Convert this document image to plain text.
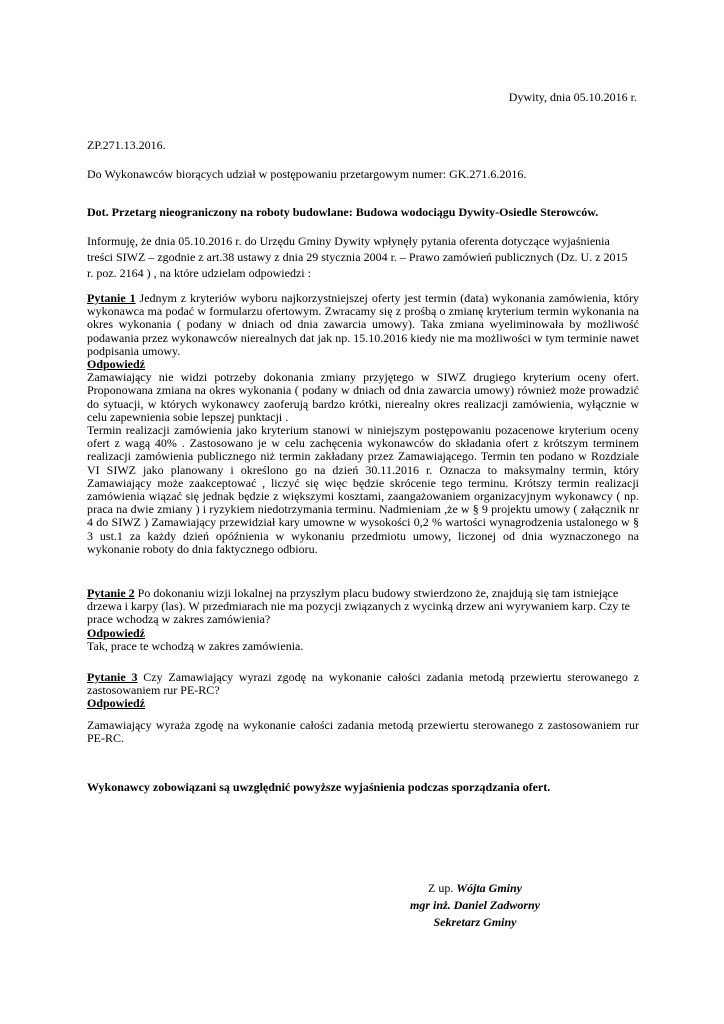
Dywity, dnia 05.10.2016 r.

ZP.271.13.2016.

Do Wykonawców biorących udział w postępowaniu przetargowym numer: GK.271.6.2016.

Dot. Przetarg nieograniczony na roboty budowlane: Budowa wodociągu Dywity-Osiedle Sterowców.

Informuję, że dnia 05.10.2016 r. do Urzędu Gminy Dywity wpłynęły pytania oferenta dotyczące wyjaśnienia
treści SIWZ – zgodnie z art.38 ustawy z dnia 29 stycznia 2004 r. – Prawo zamówień publicznych (Dz. U. z 2015
r. poz. 2164 ) , na które udzielam odpowiedzi :
Pytanie 1 Jednym z kryteriów wyboru najkorzystniejszej oferty jest termin (data) wykonania zamówienia, który wykonawca ma podać w formularzu ofertowym. Zwracamy się z prośbą o zmianę kryterium termin wykonania na okres wykonania ( podany w dniach od dnia zawarcia umowy). Taka zmiana wyeliminowała by możliwość podawania przez wykonawców nierealnych dat jak np. 15.10.2016 kiedy nie ma możliwości w tym terminie nawet podpisania umowy.
Odpowiedź
Zamawiający nie widzi potrzeby dokonania zmiany przyjętego w SIWZ drugiego kryterium oceny ofert. Proponowana zmiana na okres wykonania ( podany w dniach od dnia zawarcia umowy) również może prowadzić do sytuacji, w których wykonawcy zaoferują bardzo krótki, nierealny okres realizacji zamówienia, wyłącznie w celu zapewnienia sobie lepszej punktacji .
Termin realizacji zamówienia jako kryterium stanowi w niniejszym postępowaniu pozacenowe kryterium oceny ofert z wagą 40% . Zastosowano je w celu zachęcenia wykonawców do składania ofert z krótszym terminem realizacji zamówienia publicznego niż termin zakładany przez Zamawiającego. Termin ten podano w Rozdziale VI SIWZ jako planowany i określono go na dzień 30.11.2016 r. Oznacza to maksymalny termin, który Zamawiający może zaakceptować , liczyć się więc będzie skrócenie tego terminu. Krótszy termin realizacji zamówienia wiązać się jednak będzie z większymi kosztami, zaangażowaniem organizacyjnym wykonawcy ( np. praca na dwie zmiany ) i ryzykiem niedotrzymania terminu. Nadmieniam ,że w § 9 projektu umowy ( załącznik nr 4 do SIWZ ) Zamawiający przewidział kary umowne w wysokości 0,2 % wartości wynagrodzenia ustalonego w § 3 ust.1 za każdy dzień opóźnienia w wykonaniu przedmiotu umowy, liczonej od dnia wyznaczonego na wykonanie roboty do dnia faktycznego odbioru.
Pytanie 2 Po dokonaniu wizji lokalnej na przyszłym placu budowy stwierdzono że, znajdują się tam istniejące drzewa i karpy (las). W przedmiarach nie ma pozycji związanych z wycinką drzew ani wyrywaniem karp. Czy te prace wchodzą w zakres zamówienia?
Odpowiedź
Tak, prace te wchodzą w zakres zamówienia.
Pytanie 3 Czy Zamawiający wyrazi zgodę na wykonanie całości zadania metodą przewiertu sterowanego z zastosowaniem rur PE-RC?
Odpowiedź
Zamawiający wyraża zgodę na wykonanie całości zadania metodą przewiertu sterowanego z zastosowaniem rur PE-RC.

Wykonawcy zobowiązani są uwzględnić powyższe wyjaśnienia podczas sporządzania ofert.

Z up. Wójta Gminy
mgr inż. Daniel Zadworny
Sekretarz Gminy
